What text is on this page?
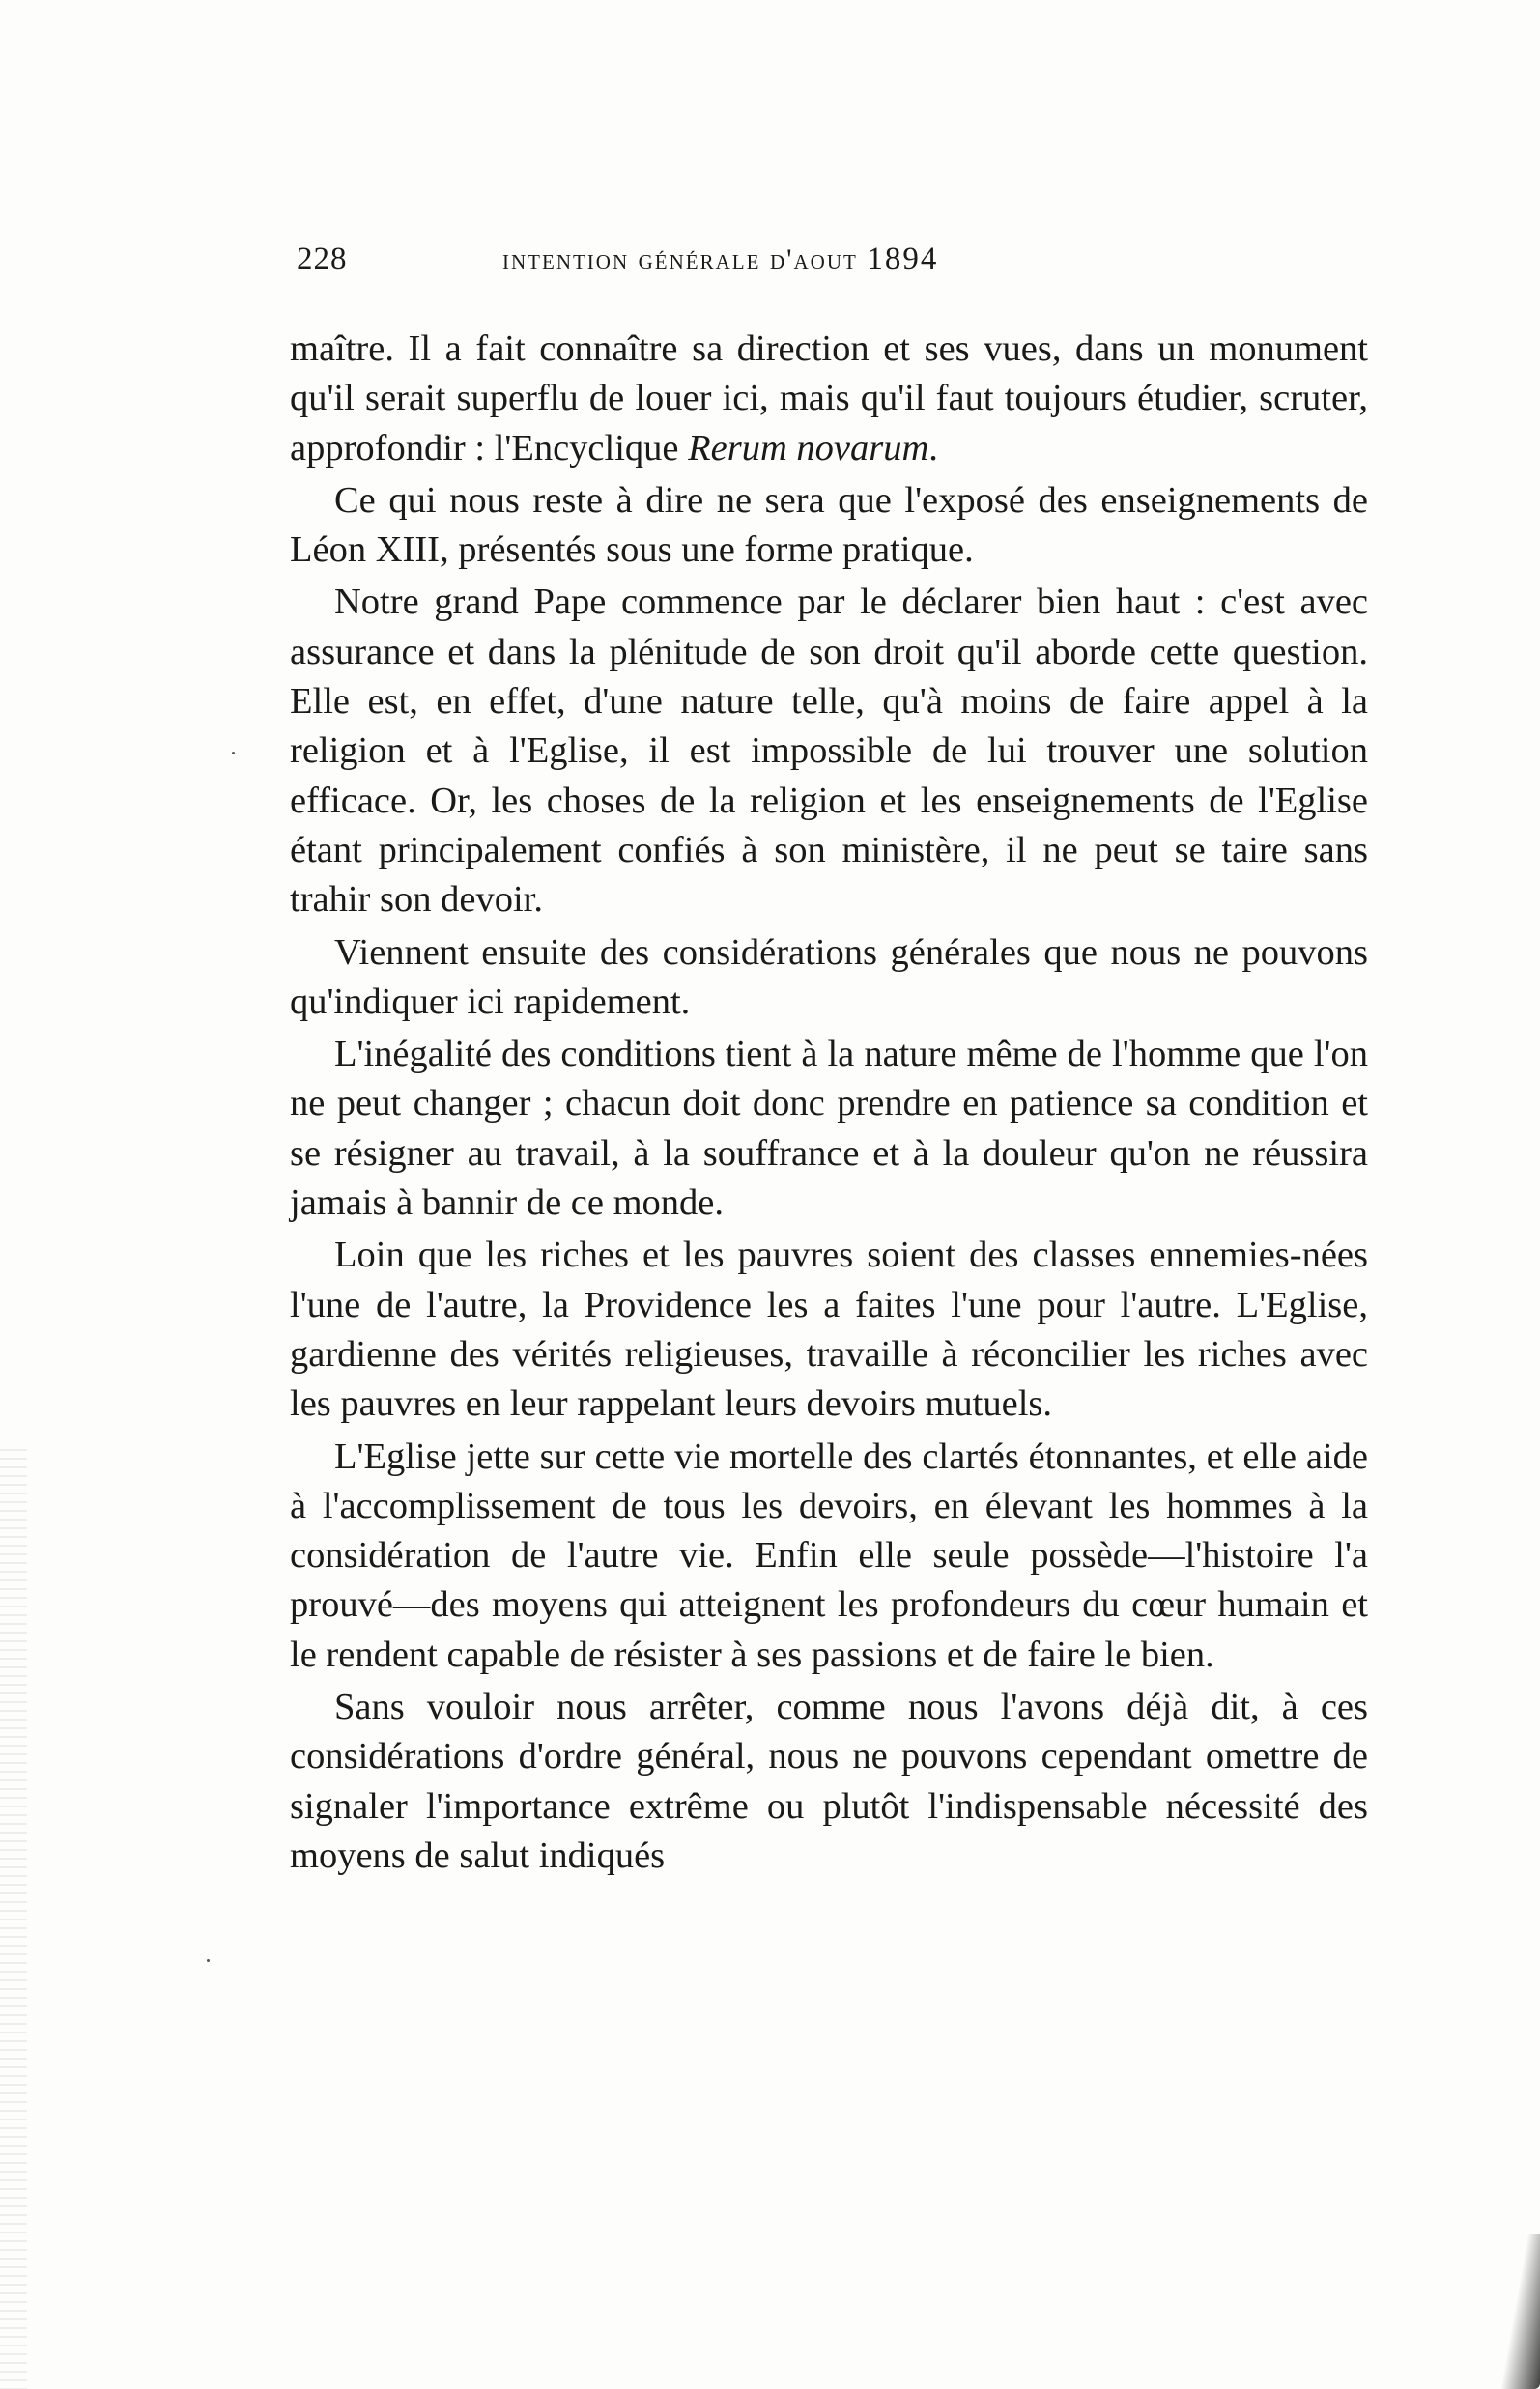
228	intention générale d'aout 1894

maître. Il a fait connaître sa direction et ses vues, dans un monument qu'il serait superflu de louer ici, mais qu'il faut toujours étudier, scruter, approfondir : l'Encyclique Rerum novarum.

Ce qui nous reste à dire ne sera que l'exposé des enseignements de Léon XIII, présentés sous une forme pratique.

Notre grand Pape commence par le déclarer bien haut : c'est avec assurance et dans la plénitude de son droit qu'il aborde cette question. Elle est, en effet, d'une nature telle, qu'à moins de faire appel à la religion et à l'Eglise, il est impossible de lui trouver une solution efficace. Or, les choses de la religion et les enseignements de l'Eglise étant principalement confiés à son ministère, il ne peut se taire sans trahir son devoir.

Viennent ensuite des considérations générales que nous ne pouvons qu'indiquer ici rapidement.

L'inégalité des conditions tient à la nature même de l'homme que l'on ne peut changer ; chacun doit donc prendre en patience sa condition et se résigner au travail, à la souffrance et à la douleur qu'on ne réussira jamais à bannir de ce monde.

Loin que les riches et les pauvres soient des classes ennemies-nées l'une de l'autre, la Providence les a faites l'une pour l'autre. L'Eglise, gardienne des vérités religieuses, travaille à réconcilier les riches avec les pauvres en leur rappelant leurs devoirs mutuels.

L'Eglise jette sur cette vie mortelle des clartés étonnantes, et elle aide à l'accomplissement de tous les devoirs, en élevant les hommes à la considération de l'autre vie. Enfin elle seule possède—l'histoire l'a prouvé—des moyens qui atteignent les profondeurs du cœur humain et le rendent capable de résister à ses passions et de faire le bien.

Sans vouloir nous arrêter, comme nous l'avons déjà dit, à ces considérations d'ordre général, nous ne pouvons cependant omettre de signaler l'importance extrême ou plutôt l'indispensable nécessité des moyens de salut indiqués
